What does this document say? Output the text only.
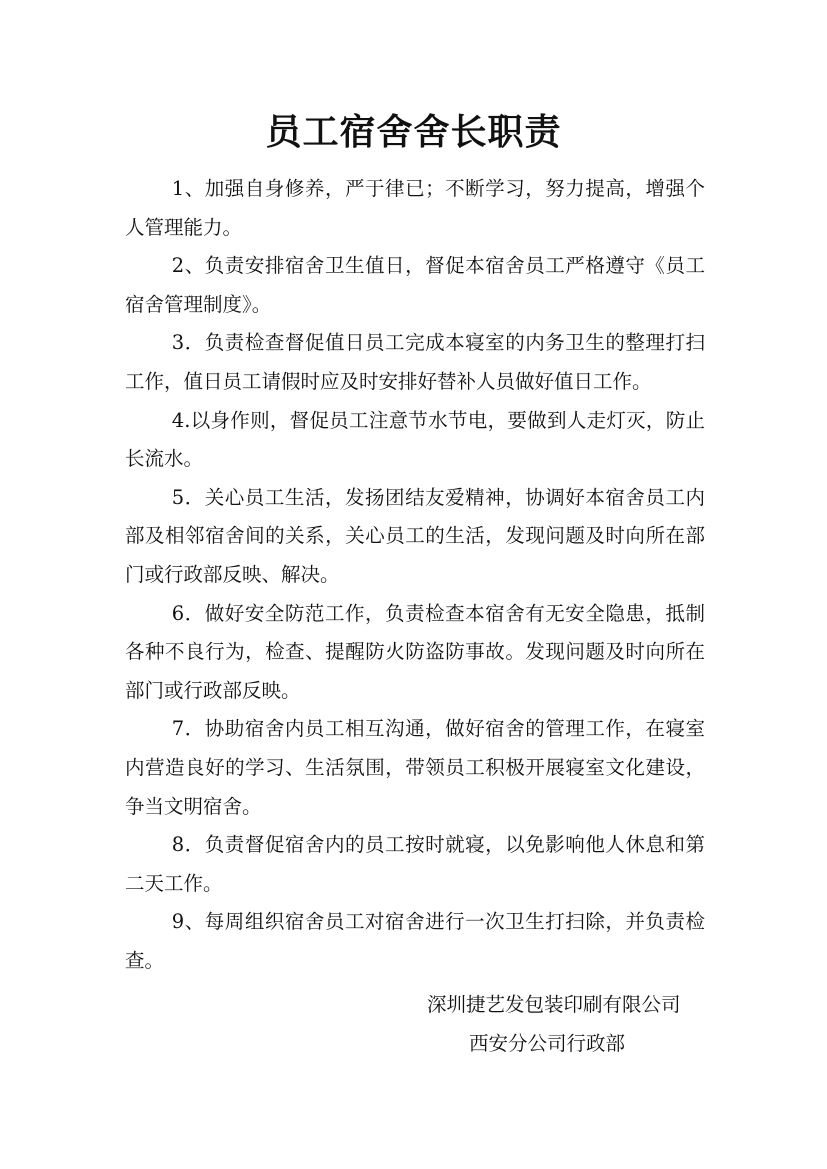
员工宿舍舍长职责

1、加强自身修养，严于律已；不断学习，努力提高，增强个人管理能力。

2、负责安排宿舍卫生值日，督促本宿舍员工严格遵守《员工宿舍管理制度》。

3．负责检查督促值日员工完成本寝室的内务卫生的整理打扫工作，值日员工请假时应及时安排好替补人员做好值日工作。

4.以身作则，督促员工注意节水节电，要做到人走灯灭，防止长流水。

5．关心员工生活，发扬团结友爱精神，协调好本宿舍员工内部及相邻宿舍间的关系，关心员工的生活，发现问题及时向所在部门或行政部反映、解决。

6．做好安全防范工作，负责检查本宿舍有无安全隐患，抵制各种不良行为，检查、提醒防火防盗防事故。发现问题及时向所在部门或行政部反映。

7．协助宿舍内员工相互沟通，做好宿舍的管理工作，在寝室内营造良好的学习、生活氛围，带领员工积极开展寝室文化建设，争当文明宿舍。

8．负责督促宿舍内的员工按时就寝，以免影响他人休息和第二天工作。

9、每周组织宿舍员工对宿舍进行一次卫生打扫除，并负责检查。

深圳捷艺发包装印刷有限公司
西安分公司行政部
